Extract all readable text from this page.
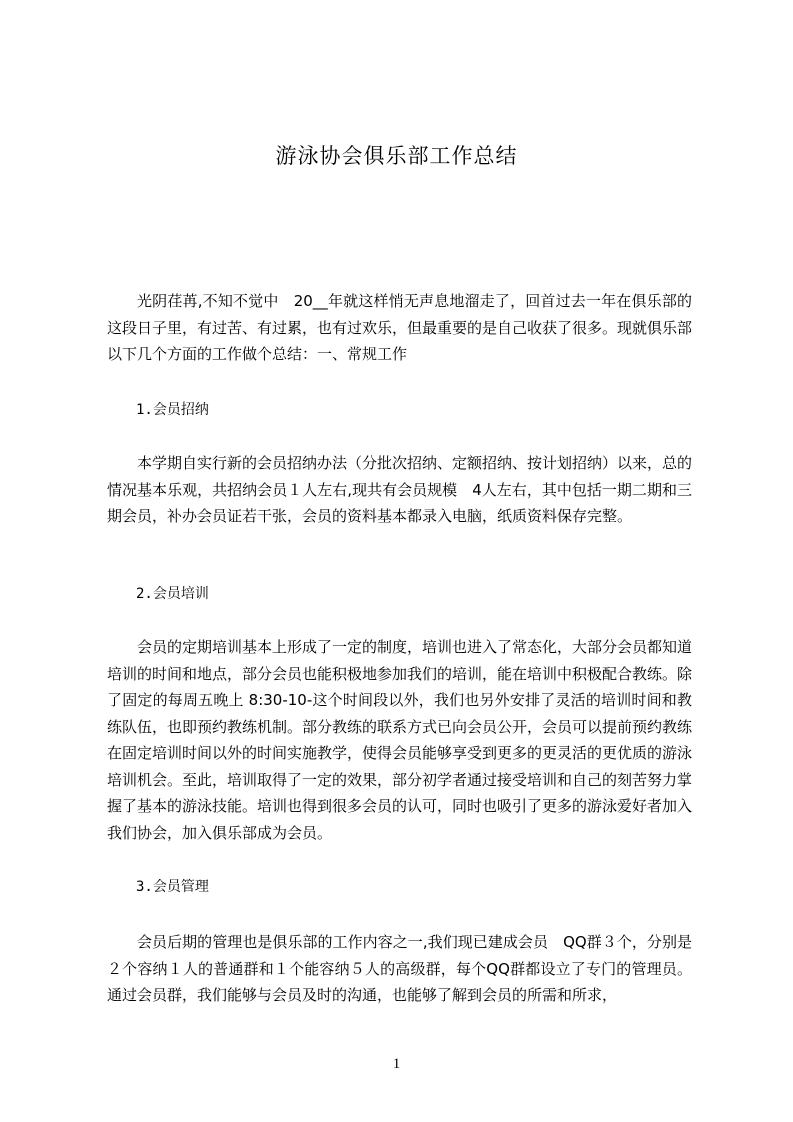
游泳协会俱乐部工作总结

光阴荏苒,不知不觉中　20__年就这样悄无声息地溜走了，回首过去一年在俱乐部的这段日子里，有过苦、有过累，也有过欢乐，但最重要的是自己收获了很多。现就俱乐部以下几个方面的工作做个总结：一、常规工作

1.会员招纳

本学期自实行新的会员招纳办法（分批次招纳、定额招纳、按计划招纳）以来，总的情况基本乐观，共招纳会员１人左右,现共有会员规模　4人左右，其中包括一期二期和三期会员，补办会员证若干张，会员的资料基本都录入电脑，纸质资料保存完整。

2.会员培训

会员的定期培训基本上形成了一定的制度，培训也进入了常态化，大部分会员都知道培训的时间和地点，部分会员也能积极地参加我们的培训，能在培训中积极配合教练。除了固定的每周五晚上 8:30-10-这个时间段以外，我们也另外安排了灵活的培训时间和教练队伍，也即预约教练机制。部分教练的联系方式已向会员公开，会员可以提前预约教练在固定培训时间以外的时间实施教学，使得会员能够享受到更多的更灵活的更优质的游泳培训机会。至此，培训取得了一定的效果，部分初学者通过接受培训和自己的刻苦努力掌握了基本的游泳技能。培训也得到很多会员的认可，同时也吸引了更多的游泳爱好者加入我们协会，加入俱乐部成为会员。

3.会员管理

会员后期的管理也是俱乐部的工作内容之一,我们现已建成会员　QQ群３个，分别是２个容纳１人的普通群和１个能容纳５人的高级群，每个QQ群都设立了专门的管理员。通过会员群，我们能够与会员及时的沟通，也能够了解到会员的所需和所求，

1
